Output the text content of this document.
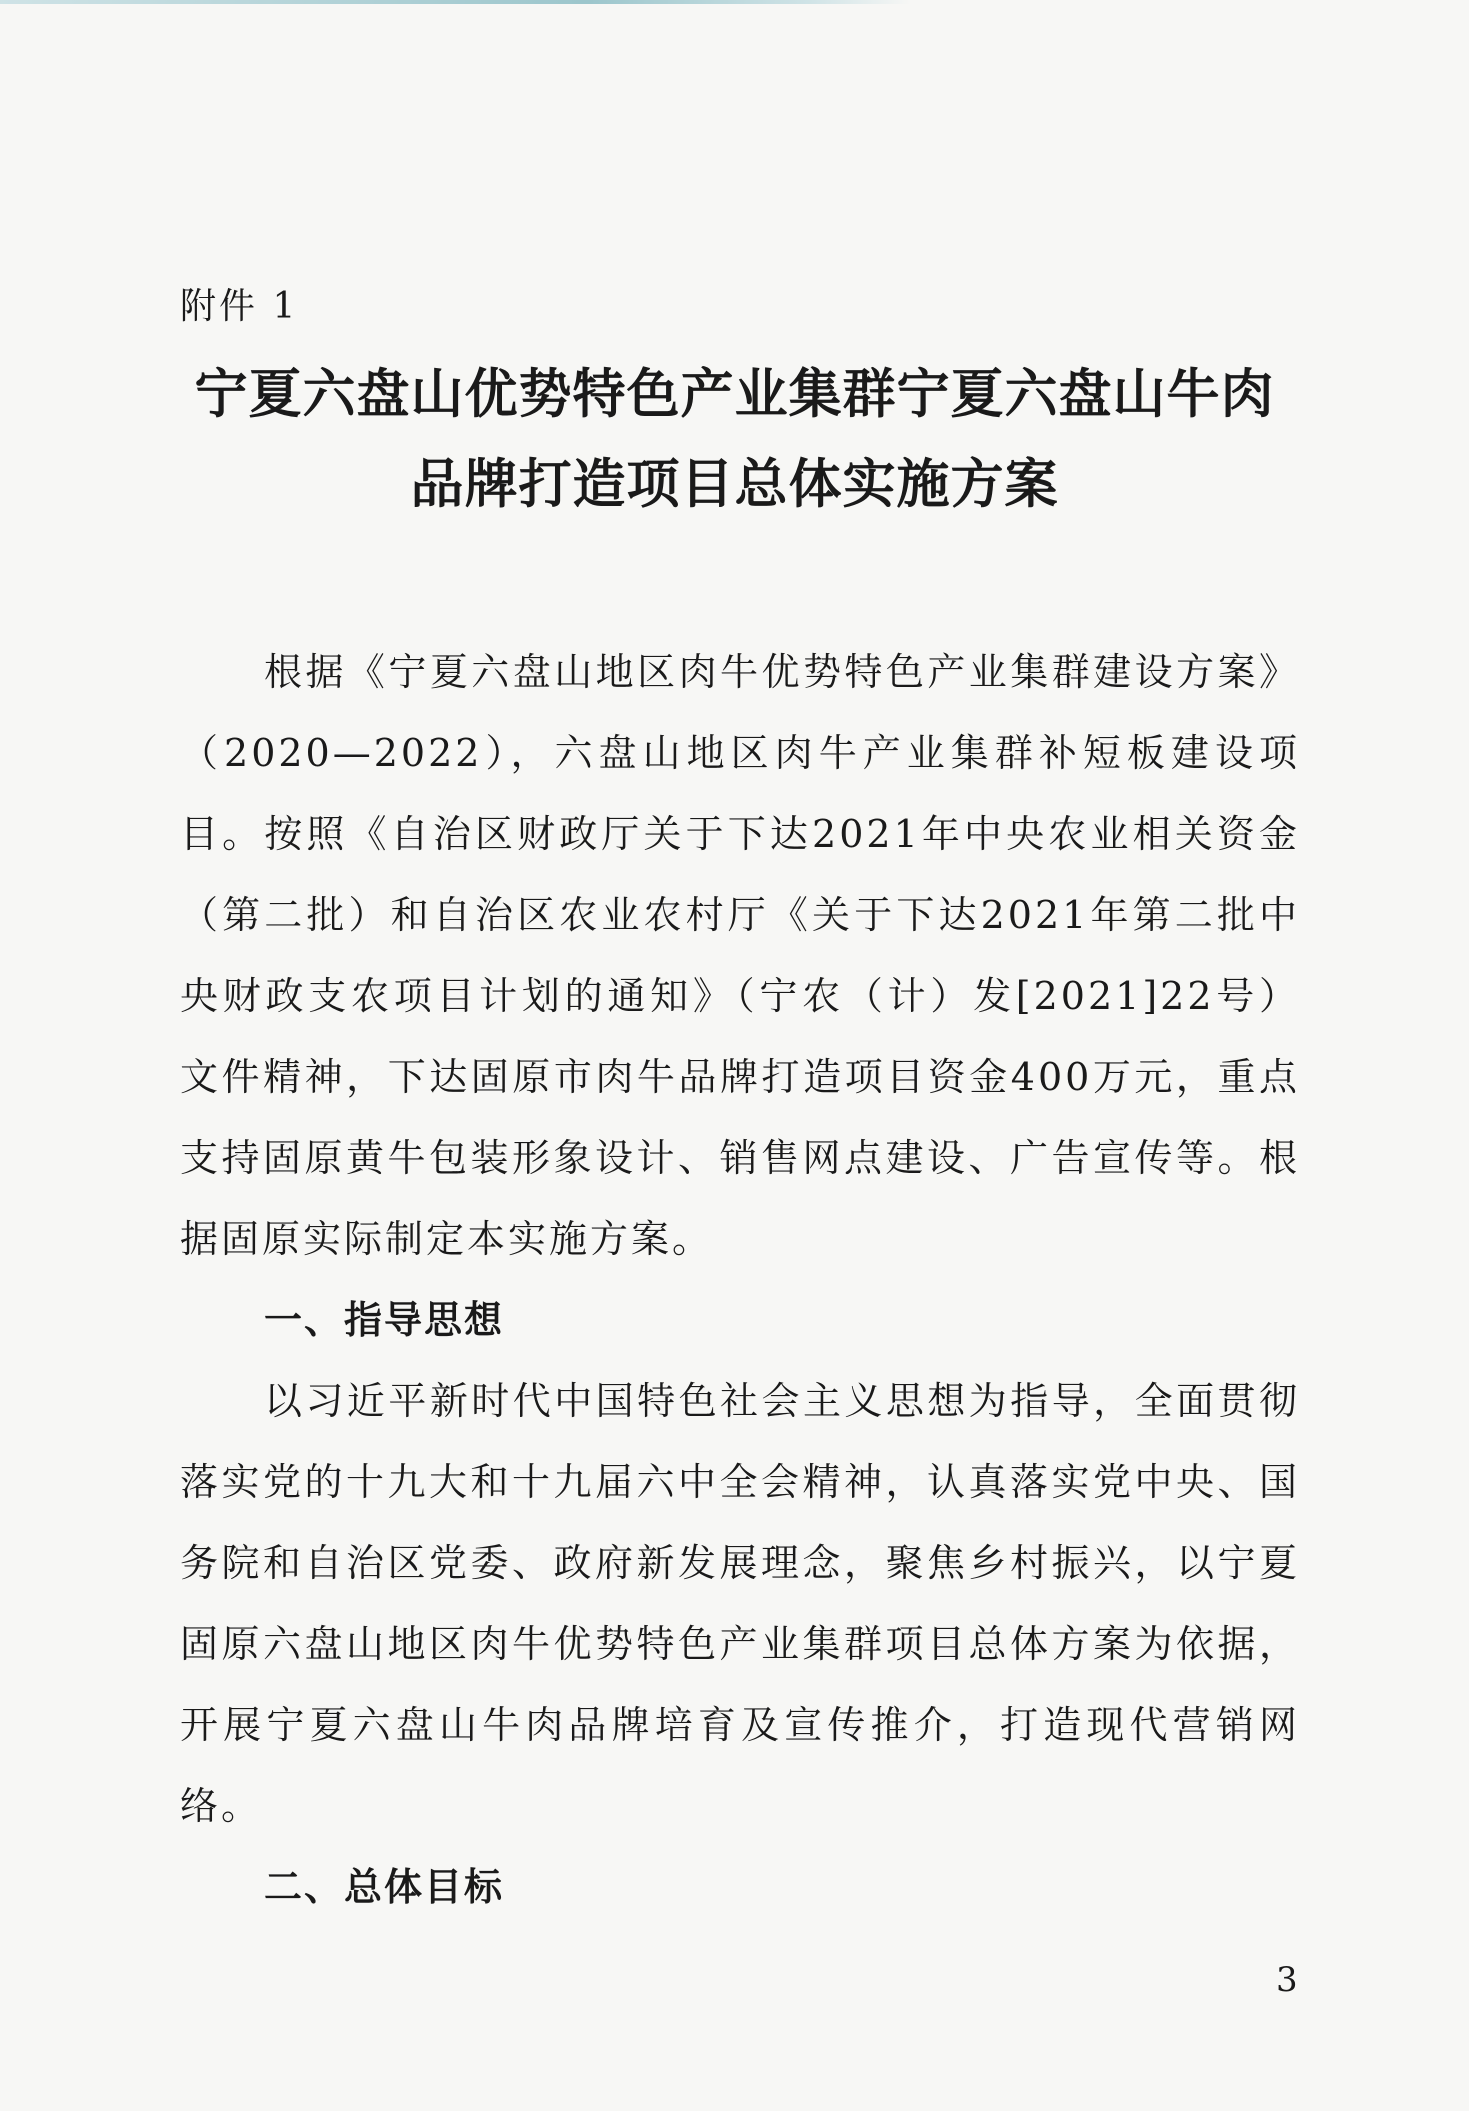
附件 1

宁夏六盘山优势特色产业集群宁夏六盘山牛肉
品牌打造项目总体实施方案

根据《宁夏六盘山地区肉牛优势特色产业集群建设方案》（2020—2022），六盘山地区肉牛产业集群补短板建设项目。按照《自治区财政厅关于下达2021年中央农业相关资金（第二批）和自治区农业农村厅《关于下达2021年第二批中央财政支农项目计划的通知》（宁农（计）发[2021]22号）文件精神，下达固原市肉牛品牌打造项目资金400万元，重点支持固原黄牛包装形象设计、销售网点建设、广告宣传等。根据固原实际制定本实施方案。

一、指导思想

以习近平新时代中国特色社会主义思想为指导，全面贯彻落实党的十九大和十九届六中全会精神，认真落实党中央、国务院和自治区党委、政府新发展理念，聚焦乡村振兴，以宁夏固原六盘山地区肉牛优势特色产业集群项目总体方案为依据，开展宁夏六盘山牛肉品牌培育及宣传推介，打造现代营销网络。

二、总体目标

3
